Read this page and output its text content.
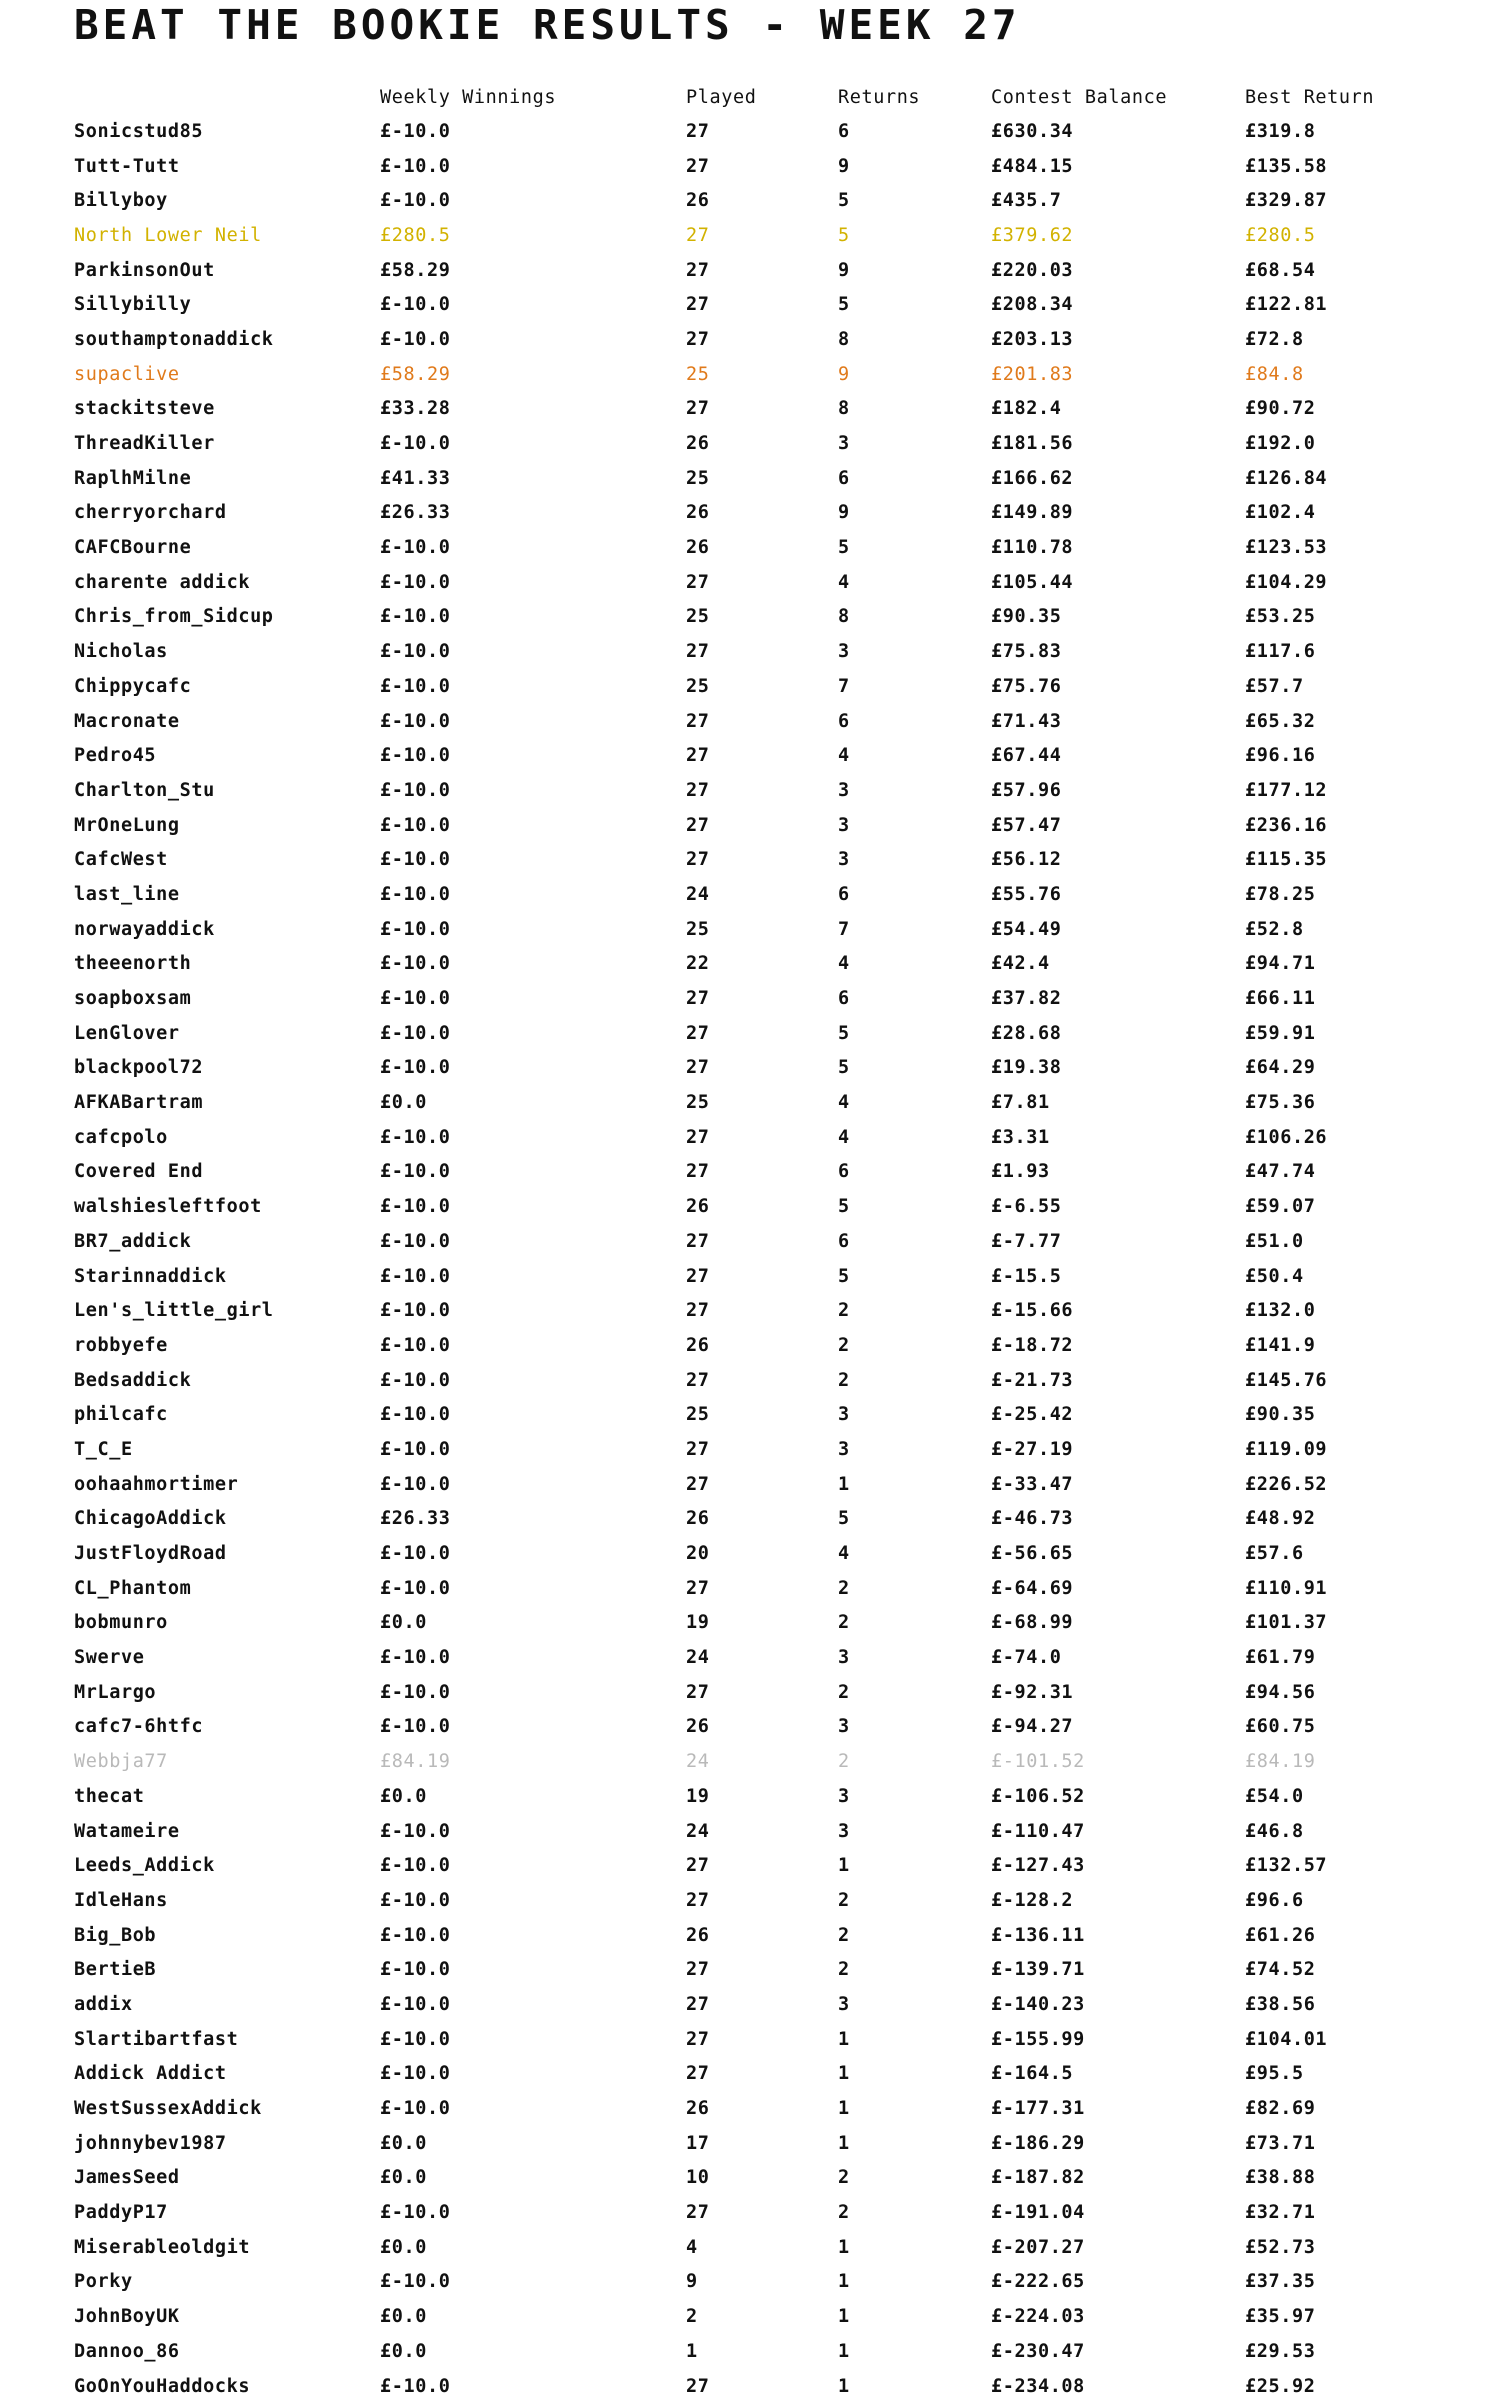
BEAT THE BOOKIE RESULTS - WEEK 27
	Weekly Winnings	Played	Returns	Contest Balance	Best Return
Sonicstud85	£-10.0	27	6	£630.34	£319.8
Tutt-Tutt	£-10.0	27	9	£484.15	£135.58
Billyboy	£-10.0	26	5	£435.7	£329.87
North Lower Neil	£280.5	27	5	£379.62	£280.5
ParkinsonOut	£58.29	27	9	£220.03	£68.54
Sillybilly	£-10.0	27	5	£208.34	£122.81
southamptonaddick	£-10.0	27	8	£203.13	£72.8
supaclive	£58.29	25	9	£201.83	£84.8
stackitsteve	£33.28	27	8	£182.4	£90.72
ThreadKiller	£-10.0	26	3	£181.56	£192.0
RaplhMilne	£41.33	25	6	£166.62	£126.84
cherryorchard	£26.33	26	9	£149.89	£102.4
CAFCBourne	£-10.0	26	5	£110.78	£123.53
charente addick	£-10.0	27	4	£105.44	£104.29
Chris_from_Sidcup	£-10.0	25	8	£90.35	£53.25
Nicholas	£-10.0	27	3	£75.83	£117.6
Chippycafc	£-10.0	25	7	£75.76	£57.7
Macronate	£-10.0	27	6	£71.43	£65.32
Pedro45	£-10.0	27	4	£67.44	£96.16
Charlton_Stu	£-10.0	27	3	£57.96	£177.12
MrOneLung	£-10.0	27	3	£57.47	£236.16
CafcWest	£-10.0	27	3	£56.12	£115.35
last_line	£-10.0	24	6	£55.76	£78.25
norwayaddick	£-10.0	25	7	£54.49	£52.8
theeenorth	£-10.0	22	4	£42.4	£94.71
soapboxsam	£-10.0	27	6	£37.82	£66.11
LenGlover	£-10.0	27	5	£28.68	£59.91
blackpool72	£-10.0	27	5	£19.38	£64.29
AFKABartram	£0.0	25	4	£7.81	£75.36
cafcpolo	£-10.0	27	4	£3.31	£106.26
Covered End	£-10.0	27	6	£1.93	£47.74
walshiesleftfoot	£-10.0	26	5	£-6.55	£59.07
BR7_addick	£-10.0	27	6	£-7.77	£51.0
Starinnaddick	£-10.0	27	5	£-15.5	£50.4
Len's_little_girl	£-10.0	27	2	£-15.66	£132.0
robbyefe	£-10.0	26	2	£-18.72	£141.9
Bedsaddick	£-10.0	27	2	£-21.73	£145.76
philcafc	£-10.0	25	3	£-25.42	£90.35
T_C_E	£-10.0	27	3	£-27.19	£119.09
oohaahmortimer	£-10.0	27	1	£-33.47	£226.52
ChicagoAddick	£26.33	26	5	£-46.73	£48.92
JustFloydRoad	£-10.0	20	4	£-56.65	£57.6
CL_Phantom	£-10.0	27	2	£-64.69	£110.91
bobmunro	£0.0	19	2	£-68.99	£101.37
Swerve	£-10.0	24	3	£-74.0	£61.79
MrLargo	£-10.0	27	2	£-92.31	£94.56
cafc7-6htfc	£-10.0	26	3	£-94.27	£60.75
Webbja77	£84.19	24	2	£-101.52	£84.19
thecat	£0.0	19	3	£-106.52	£54.0
Watameire	£-10.0	24	3	£-110.47	£46.8
Leeds_Addick	£-10.0	27	1	£-127.43	£132.57
IdleHans	£-10.0	27	2	£-128.2	£96.6
Big_Bob	£-10.0	26	2	£-136.11	£61.26
BertieB	£-10.0	27	2	£-139.71	£74.52
addix	£-10.0	27	3	£-140.23	£38.56
Slartibartfast	£-10.0	27	1	£-155.99	£104.01
Addick Addict	£-10.0	27	1	£-164.5	£95.5
WestSussexAddick	£-10.0	26	1	£-177.31	£82.69
johnnybev1987	£0.0	17	1	£-186.29	£73.71
JamesSeed	£0.0	10	2	£-187.82	£38.88
PaddyP17	£-10.0	27	2	£-191.04	£32.71
Miserableoldgit	£0.0	4	1	£-207.27	£52.73
Porky	£-10.0	9	1	£-222.65	£37.35
JohnBoyUK	£0.0	2	1	£-224.03	£35.97
Dannoo_86	£0.0	1	1	£-230.47	£29.53
GoOnYouHaddocks	£-10.0	27	1	£-234.08	£25.92
